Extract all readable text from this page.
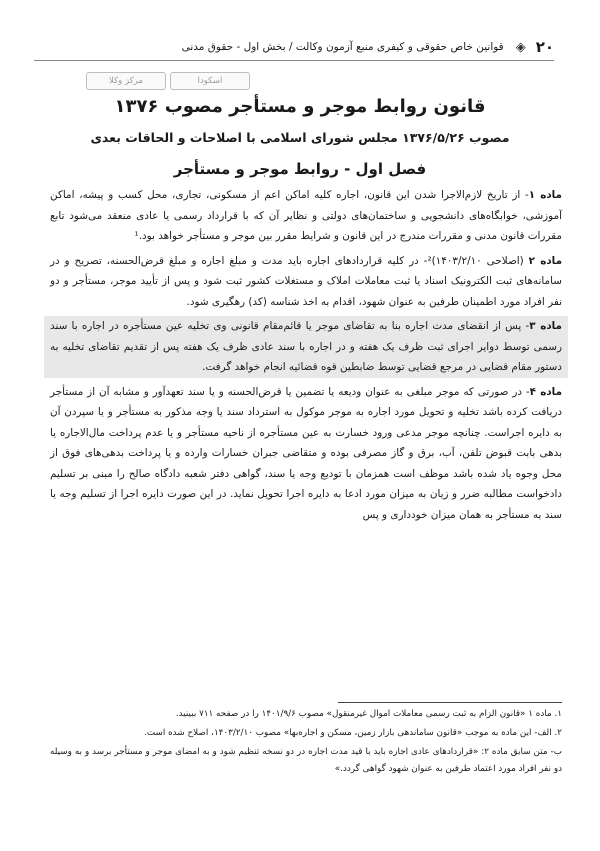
۲۰
◈
قوانین خاص حقوقی و کیفری منبع آزمون وکالت / بخش اول - حقوق مدنی
اسکودا
مرکز وکلا
قانون روابط موجر و مستأجر مصوب ۱۳۷۶
مصوب ۱۳۷۶/۵/۲۶ مجلس شورای اسلامی با اصلاحات و الحاقات بعدی
فصل اول - روابط موجر و مستأجر

ماده ۱- از تاریخ لازم‌الاجرا شدن این قانون، اجاره کلیه اماکن اعم از مسکونی، تجاری، محل کسب و پیشه، اماکن آموزشی، خوابگاه‌های دانشجویی و ساختمان‌های دولتی و نظایر آن که با قرارداد رسمی یا عادی منعقد می‌شود تابع مقررات قانون مدنی و مقررات مندرج در این قانون و شرایط مقرر بین موجر و مستأجر خواهد بود.¹

ماده ۲ (اصلاحی ۱۴۰۳/۲/۱۰)²- در کلیه قراردادهای اجاره باید مدت و مبلغ اجاره و مبلغ قرض‌الحسنه، تصریح و در سامانه‌های ثبت الکترونیک اسناد یا ثبت معاملات املاک و مستغلات کشور ثبت شود و پس از تأیید موجر، مستأجر و دو نفر افراد مورد اطمینان طرفین به عنوان شهود، اقدام به اخذ شناسه (کد) رهگیری شود.

ماده ۳- پس از انقضای مدت اجاره بنا به تقاضای موجر یا قائم‌مقام قانونی وی تخلیه عین مستأجره در اجاره با سند رسمی توسط دوایر اجرای ثبت ظرف یک هفته و در اجاره با سند عادی ظرف یک هفته پس از تقدیم تقاضای تخلیه به دستور مقام قضایی در مرجع قضایی توسط ضابطین قوه قضائیه انجام خواهد گرفت.

ماده ۴- در صورتی که موجر مبلغی به عنوان ودیعه یا تضمین یا قرض‌الحسنه و یا سند تعهدآور و مشابه آن از مستأجر دریافت کرده باشد تخلیه و تحویل مورد اجاره به موجر موکول به استرداد سند یا وجه مذکور به مستأجر و یا سپردن آن به دایره اجراست. چنانچه موجر مدعی ورود خسارت به عین مستأجره از ناحیه مستأجر و یا عدم پرداخت مال‌الاجاره یا بدهی بابت قبوض تلفن، آب، برق و گاز مصرفی بوده و متقاضی جبران خسارات وارده و یا پرداخت بدهی‌های فوق از محل وجوه یاد شده باشد موظف است همزمان با تودیع وجه یا سند، گواهی دفتر شعبه دادگاه صالح را مبنی بر تسلیم دادخواست مطالبه ضرر و زیان به میزان مورد ادعا به دایره اجرا تحویل نماید. در این صورت دایره اجرا از تسلیم وجه یا سند به مستأجر به همان میزان خودداری و پس

۱. ماده ۱ «قانون الزام به ثبت رسمی معاملات اموال غیرمنقول» مصوب ۱۴۰۱/۹/۶ را در صفحه ۷۱۱ ببینید.

۲. الف- این ماده به موجب «قانون ساماندهی بازار زمین، مسکن و اجاره‌بها» مصوب ۱۴۰۳/۲/۱۰، اصلاح شده است.

ب- متن سابق ماده ۲: «قراردادهای عادی اجاره باید با قید مدت اجاره در دو نسخه تنظیم شود و به امضای موجر و مستأجر برسد و به وسیله دو نفر افراد مورد اعتماد طرفین به عنوان شهود گواهی گردد.»
